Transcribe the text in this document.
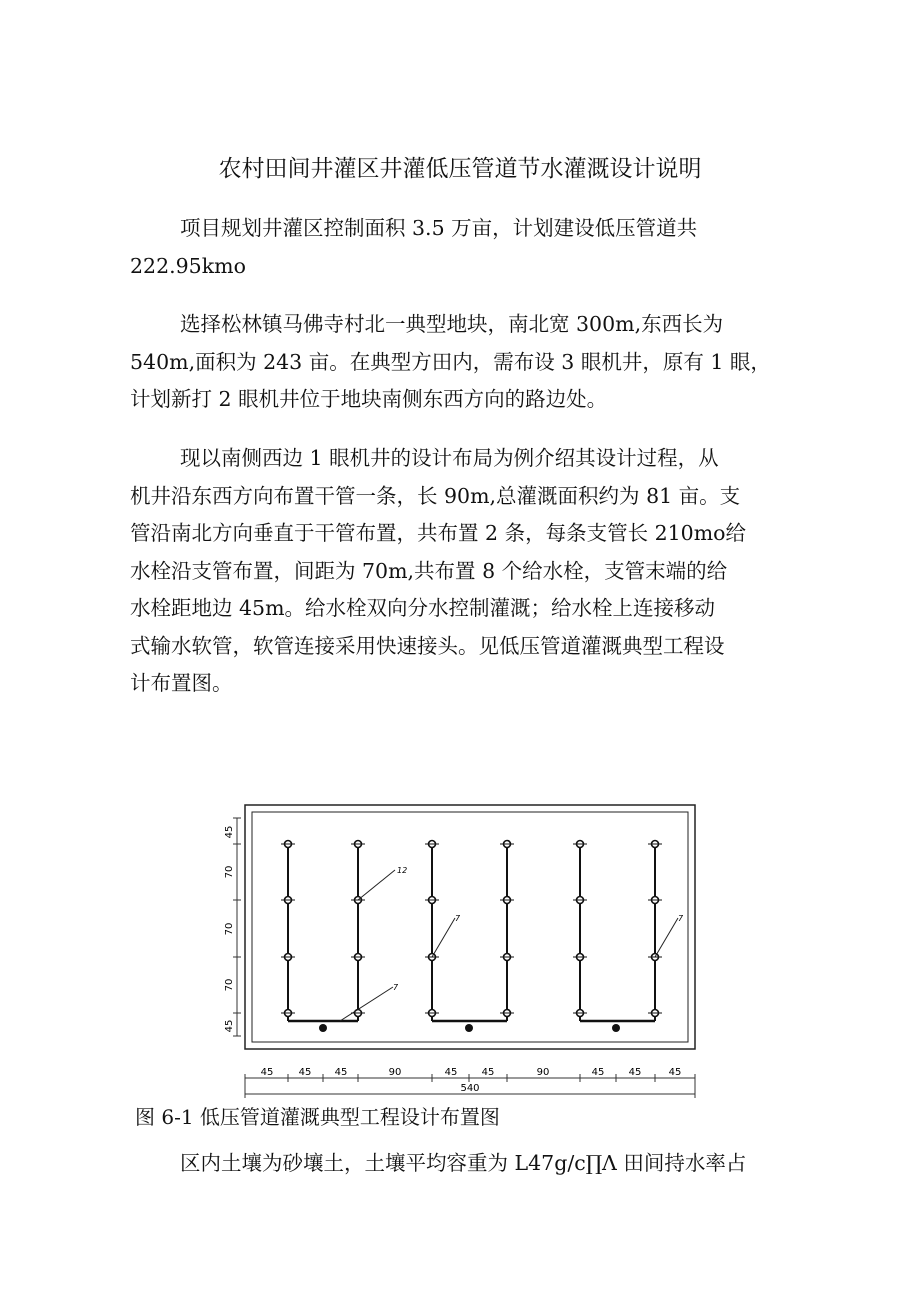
农村田间井灌区井灌低压管道节水灌溉设计说明
项目规划井灌区控制面积 3.5 万亩，计划建设低压管道共
222.95kmo
选择松林镇马佛寺村北一典型地块，南北宽 300m,东西长为
540m,面积为 243 亩。在典型方田内，需布设 3 眼机井，原有 1 眼，
计划新打 2 眼机井位于地块南侧东西方向的路边处。
现以南侧西边 1 眼机井的设计布局为例介绍其设计过程，从
机井沿东西方向布置干管一条，长 90m,总灌溉面积约为 81 亩。支
管沿南北方向垂直于干管布置，共布置 2 条，每条支管长 210mo给
水栓沿支管布置，间距为 70m,共布置 8 个给水栓，支管末端的给
水栓距地边 45m。给水栓双向分水控制灌溉；给水栓上连接移动
式输水软管，软管连接采用快速接头。见低压管道灌溉典型工程设
计布置图。
45
70
70
70
45
12
7
7
7
45	45 45	90	45 45	90	45 45	45
540
图 6-1 低压管道灌溉典型工程设计布置图
区内土壤为砂壤土，土壤平均容重为 L47g∕c∏Λ 田间持水率占
